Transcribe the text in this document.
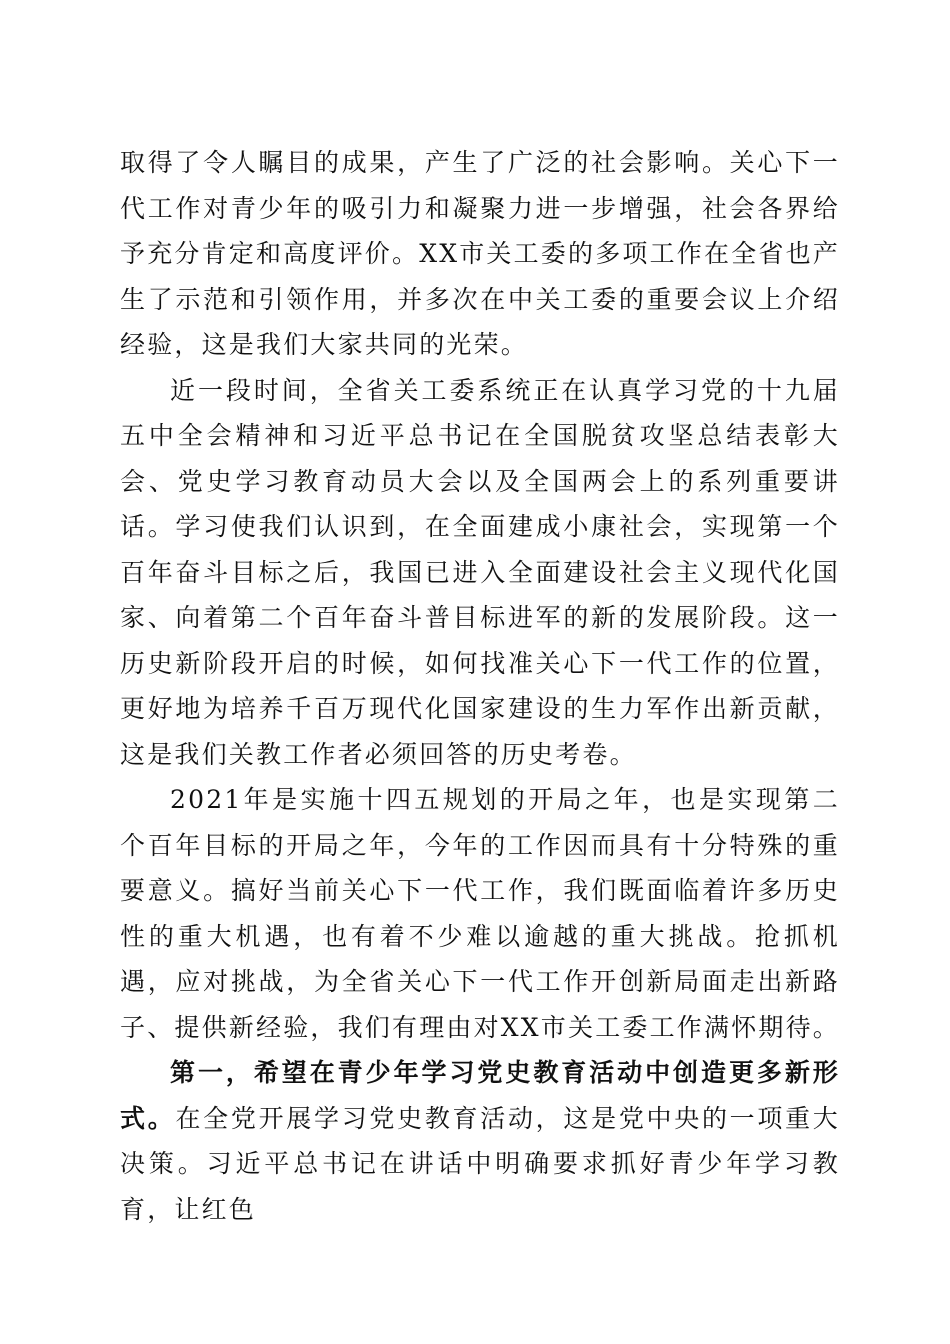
取得了令人瞩目的成果，产生了广泛的社会影响。关心下一代工作对青少年的吸引力和凝聚力进一步增强，社会各界给予充分肯定和高度评价。XX市关工委的多项工作在全省也产生了示范和引领作用，并多次在中关工委的重要会议上介绍经验，这是我们大家共同的光荣。

近一段时间，全省关工委系统正在认真学习党的十九届五中全会精神和习近平总书记在全国脱贫攻坚总结表彰大会、党史学习教育动员大会以及全国两会上的系列重要讲话。学习使我们认识到，在全面建成小康社会，实现第一个百年奋斗目标之后，我国已进入全面建设社会主义现代化国家、向着第二个百年奋斗普目标进军的新的发展阶段。这一历史新阶段开启的时候，如何找准关心下一代工作的位置，更好地为培养千百万现代化国家建设的生力军作出新贡献，这是我们关教工作者必须回答的历史考卷。

2021年是实施十四五规划的开局之年，也是实现第二个百年目标的开局之年，今年的工作因而具有十分特殊的重要意义。搞好当前关心下一代工作，我们既面临着许多历史性的重大机遇，也有着不少难以逾越的重大挑战。抢抓机遇，应对挑战，为全省关心下一代工作开创新局面走出新路子、提供新经验，我们有理由对XX市关工委工作满怀期待。

第一，希望在青少年学习党史教育活动中创造更多新形式。在全党开展学习党史教育活动，这是党中央的一项重大决策。习近平总书记在讲话中明确要求抓好青少年学习教育，让红色
